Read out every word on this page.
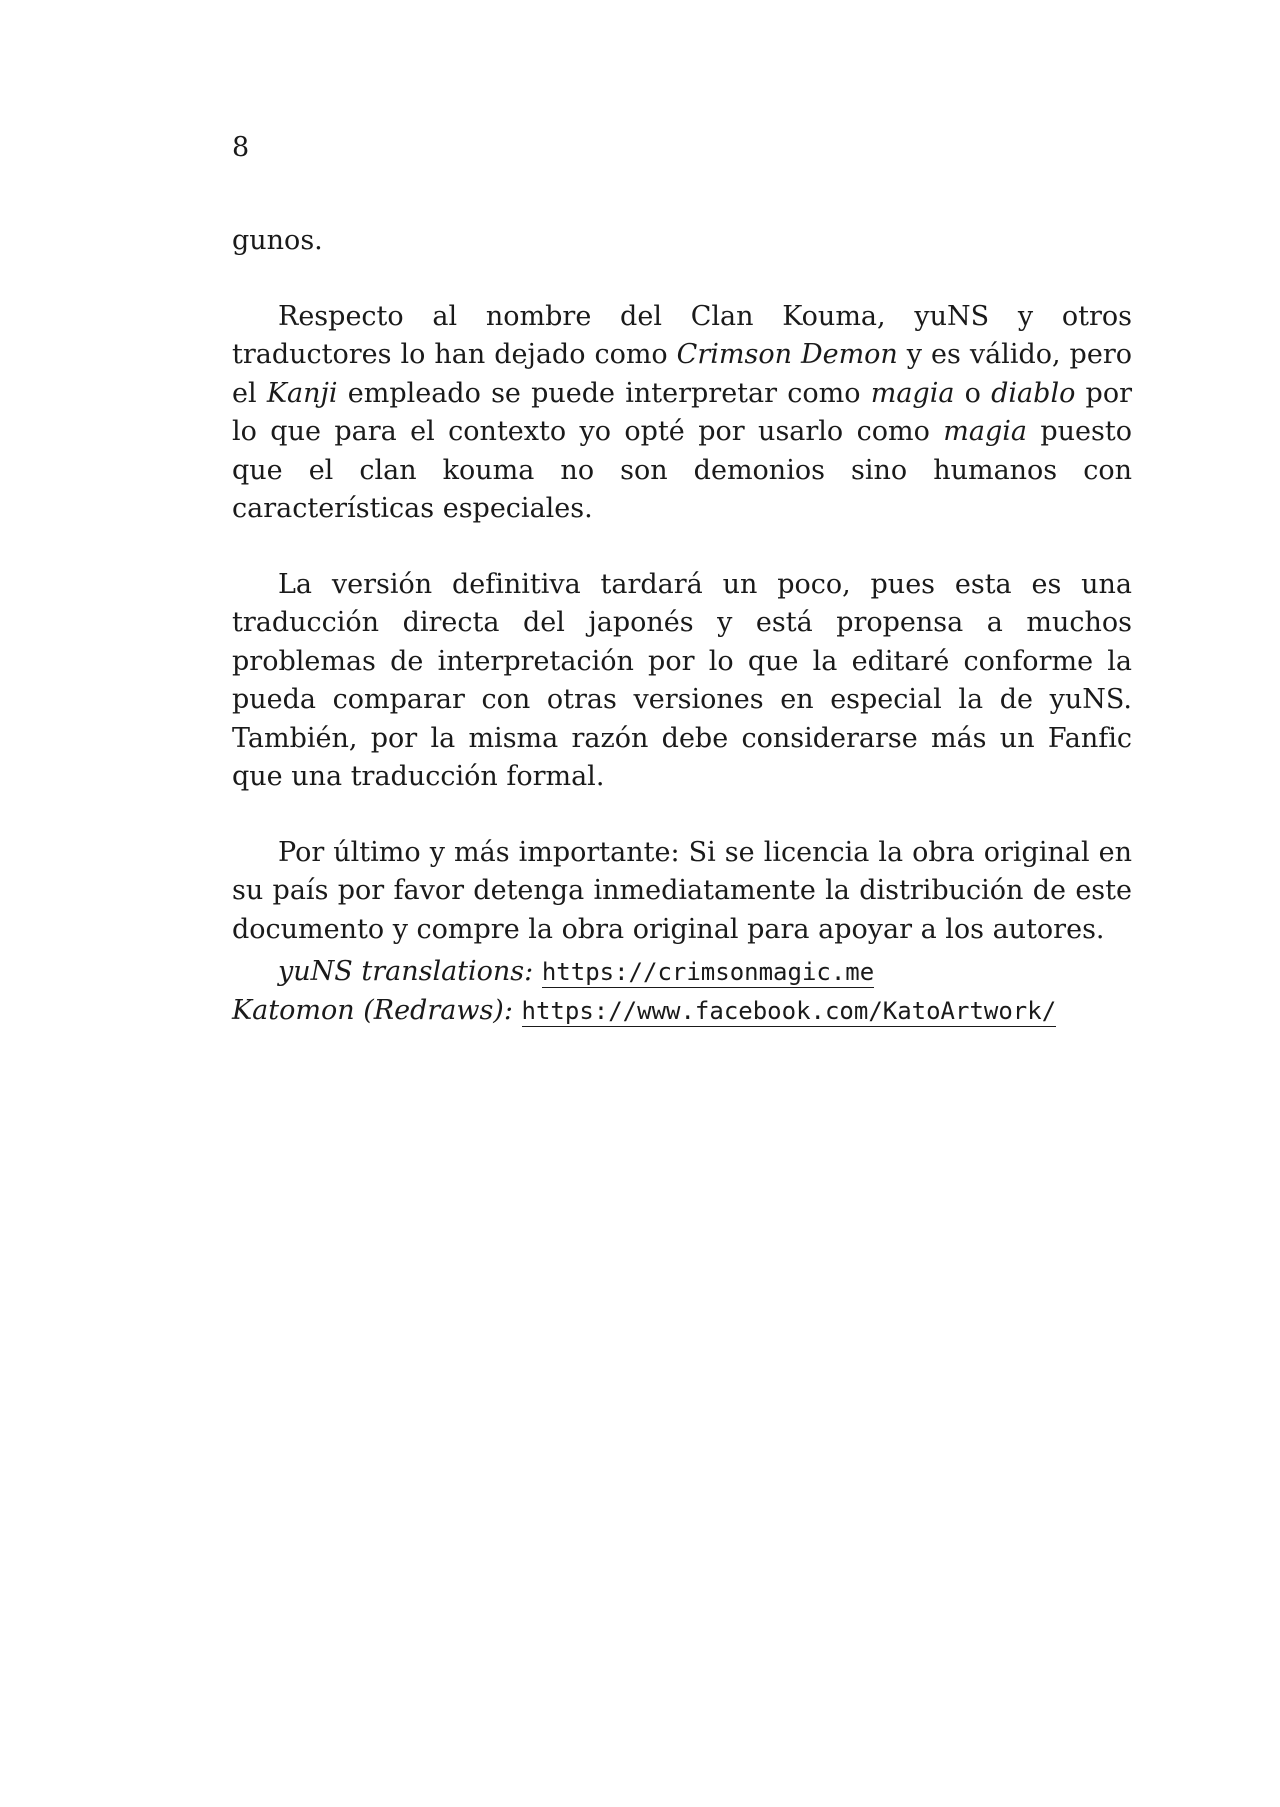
8

gunos.

Respecto al nombre del Clan Kouma, yuNS y otros traductores lo han dejado como Crimson Demon y es válido, pero el Kanji empleado se puede interpretar como magia o diablo por lo que para el contexto yo opté por usarlo como magia puesto que el clan kouma no son demonios sino humanos con características especiales.

La versión definitiva tardará un poco, pues esta es una traducción directa del japonés y está propensa a muchos problemas de interpretación por lo que la editaré conforme la pueda comparar con otras versiones en especial la de yuNS. También, por la misma razón debe considerarse más un Fanfic que una traducción formal.

Por último y más importante: Si se licencia la obra original en su país por favor detenga inmediatamente la distribución de este documento y compre la obra original para apoyar a los autores.

yuNS translations: https://crimsonmagic.me
Katomon (Redraws): https://www.facebook.com/KatoArtwork/
